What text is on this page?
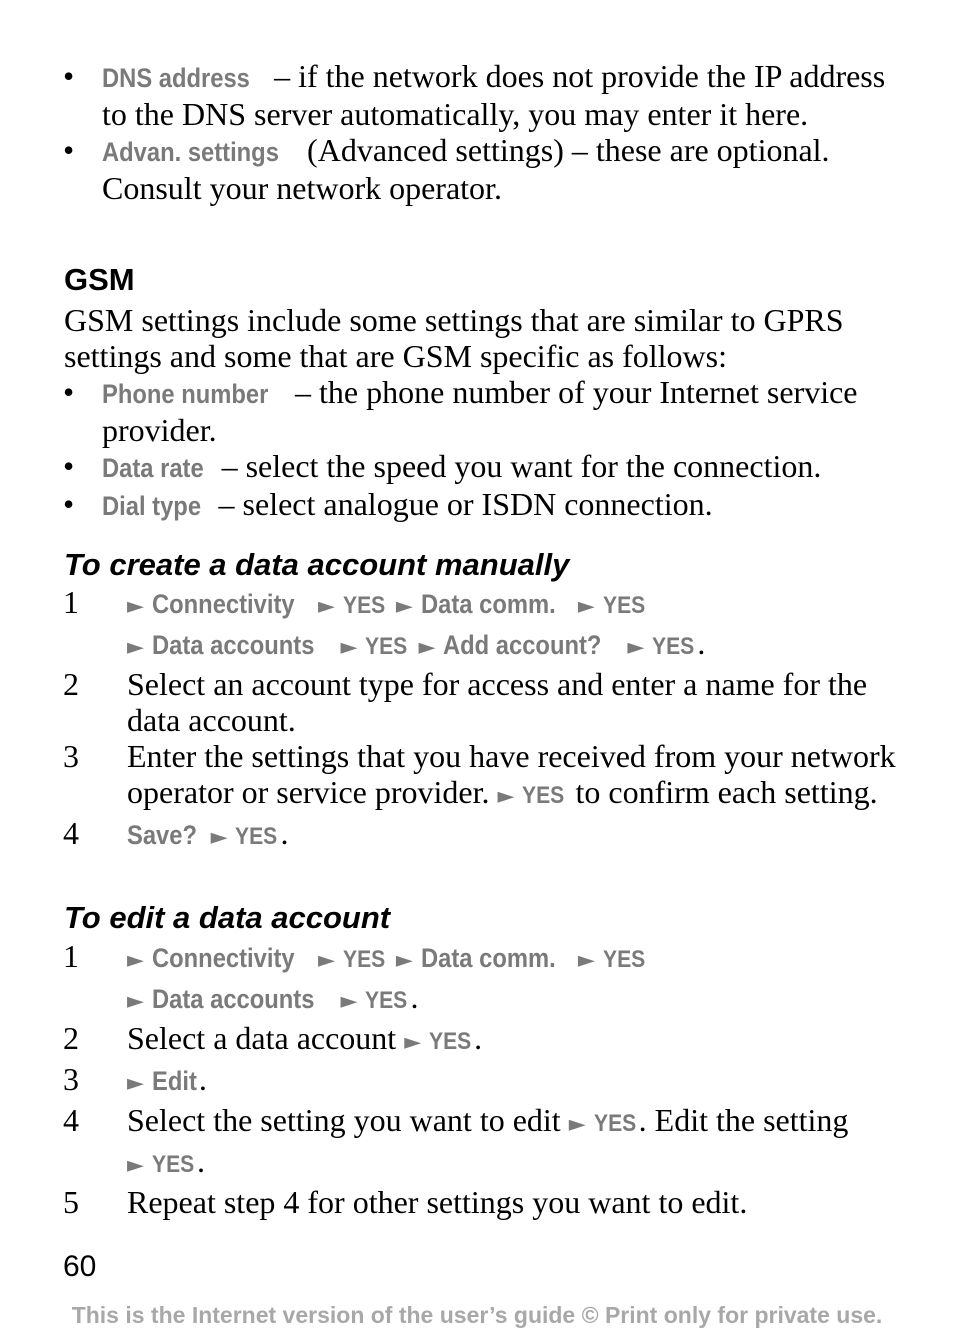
• DNS address – if the network does not provide the IP address to the DNS server automatically, you may enter it here.
• Advan. settings (Advanced settings) – these are optional. Consult your network operator.
GSM
GSM settings include some settings that are similar to GPRS settings and some that are GSM specific as follows:
• Phone number – the phone number of your Internet service provider.
• Data rate – select the speed you want for the connection.
• Dial type – select analogue or ISDN connection.
To create a data account manually
1 ► Connectivity ► YES ► Data comm. ► YES
► Data accounts ► YES ► Add account? ► YES.
2 Select an account type for access and enter a name for the data account.
3 Enter the settings that you have received from your network operator or service provider. ► YES to confirm each setting.
4 Save? ► YES.
To edit a data account
1 ► Connectivity ► YES ► Data comm. ► YES
► Data accounts ► YES.
2 Select a data account ► YES.
3 ► Edit.
4 Select the setting you want to edit ► YES. Edit the setting
► YES.
5 Repeat step 4 for other settings you want to edit.
60
This is the Internet version of the user’s guide © Print only for private use.
